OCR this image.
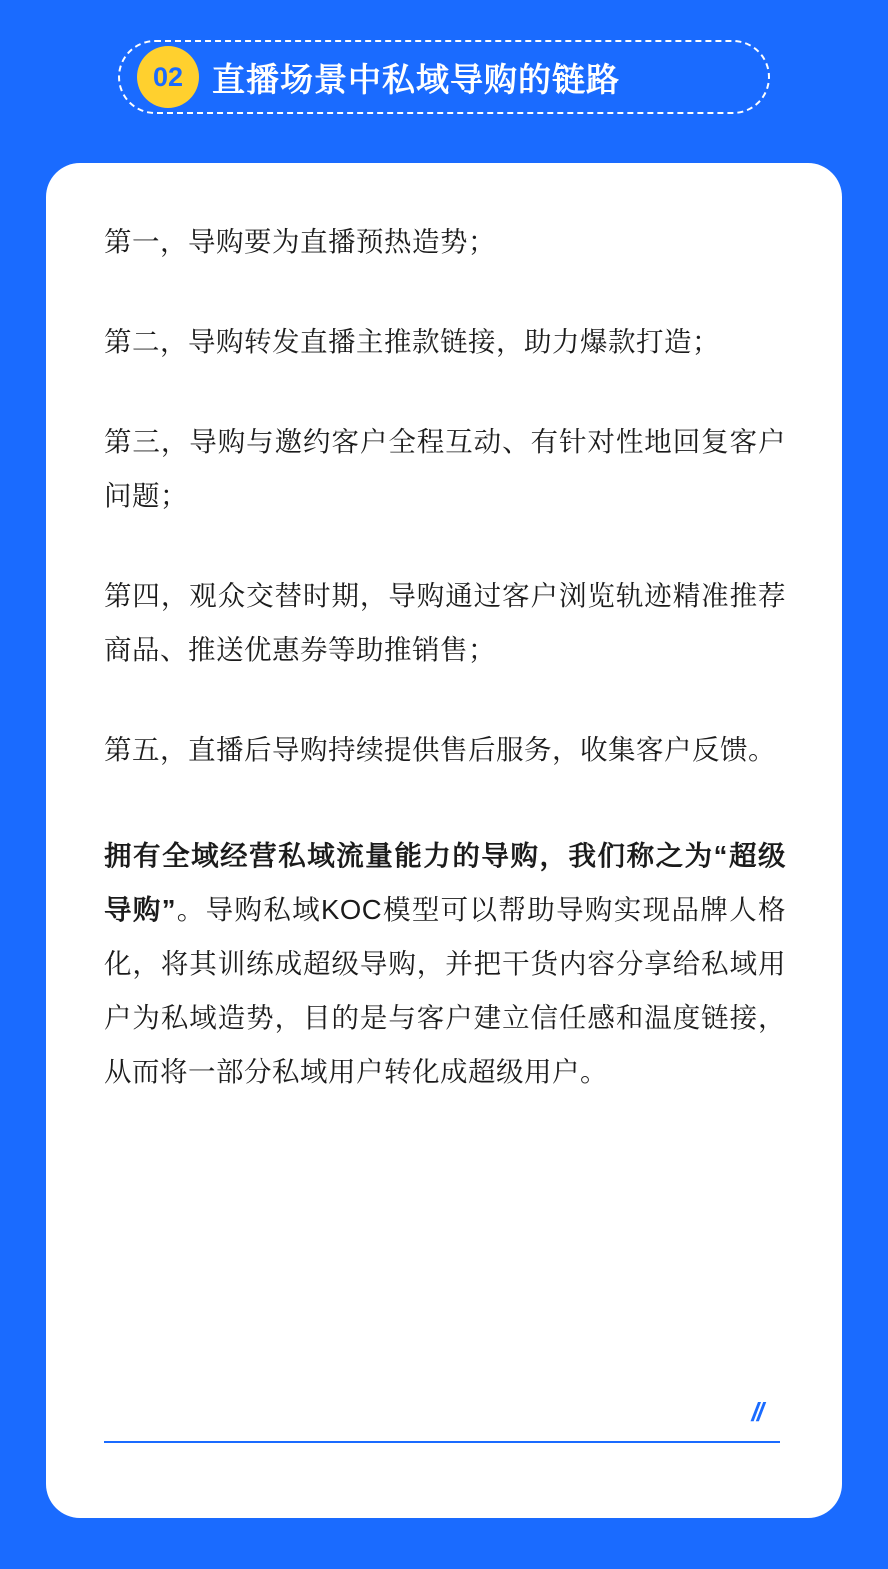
02 直播场景中私域导购的链路

第一，导购要为直播预热造势；

第二，导购转发直播主推款链接，助力爆款打造；

第三，导购与邀约客户全程互动、有针对性地回复客户问题；

第四，观众交替时期，导购通过客户浏览轨迹精准推荐商品、推送优惠券等助推销售；

第五，直播后导购持续提供售后服务，收集客户反馈。

拥有全域经营私域流量能力的导购，我们称之为“超级导购”。导购私域KOC模型可以帮助导购实现品牌人格化，将其训练成超级导购，并把干货内容分享给私域用户为私域造势，目的是与客户建立信任感和温度链接，从而将一部分私域用户转化成超级用户。

//
